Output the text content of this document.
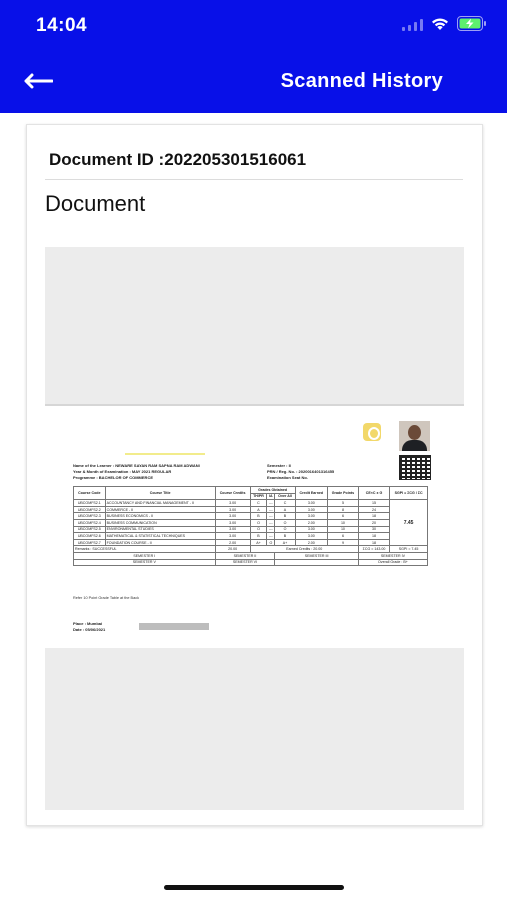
14:04
Scanned History
Document ID :202205301516061
Document
Name of the Learner : NEWARE SAYAN RAM SAPNA RAM ADWANI
Year & Month of Examination : MAY 2021 REGULAR
Programme : BACHELOR OF COMMERCE
Semester : II
PRN / Reg. No. : 2020016401316455
Examination Seat No.
Course Code	Course Title	Course Credits	Grades Obtained			Credit Earned	Grade Points	CE×C x G	SGPI = ΣCG / ΣC
			TH/PR	IA	Over All				
UBCOMFS2.1	ACCOUNTANCY AND FINANCIAL MANAGEMENT - II	3.00	C	---	C	3.00	5	15	7.45
UBCOMFS2.2	COMMERCE - II	3.00	A	---	A	3.00	8	24	
UBCOMFS2.3	BUSINESS ECONOMICS - II	3.00	B	---	B	3.00	6	18	
UBCOMFS2.4	BUSINESS COMMUNICATION	3.00	O	---	O	2.00	10	20	
UBCOMFS2.5	ENVIRONMENTAL STUDIES	3.00	O	---	O	3.00	10	30	
UBCOMFS2.6	MATHEMATICAL & STATISTICAL TECHNIQUES	3.00	B	---	B	3.00	6	18	
UBCOMFS2.7	FOUNDATION COURSE - II	2.00	A+	O	A+	2.00	9	18	
Remarks : SUCCESSFUL		20.00	Earned Credits : 20.00					ΣCG = 143.00	SGPI = 7.45
SEMESTER I		SEMESTER II			SEMESTER III			SEMESTER IV	
SEMESTER V		SEMESTER VI						Overall Grade : B+	
Refer 10 Point Grade Table at the Back
Place : Mumbai
Date : 05/06/2021
